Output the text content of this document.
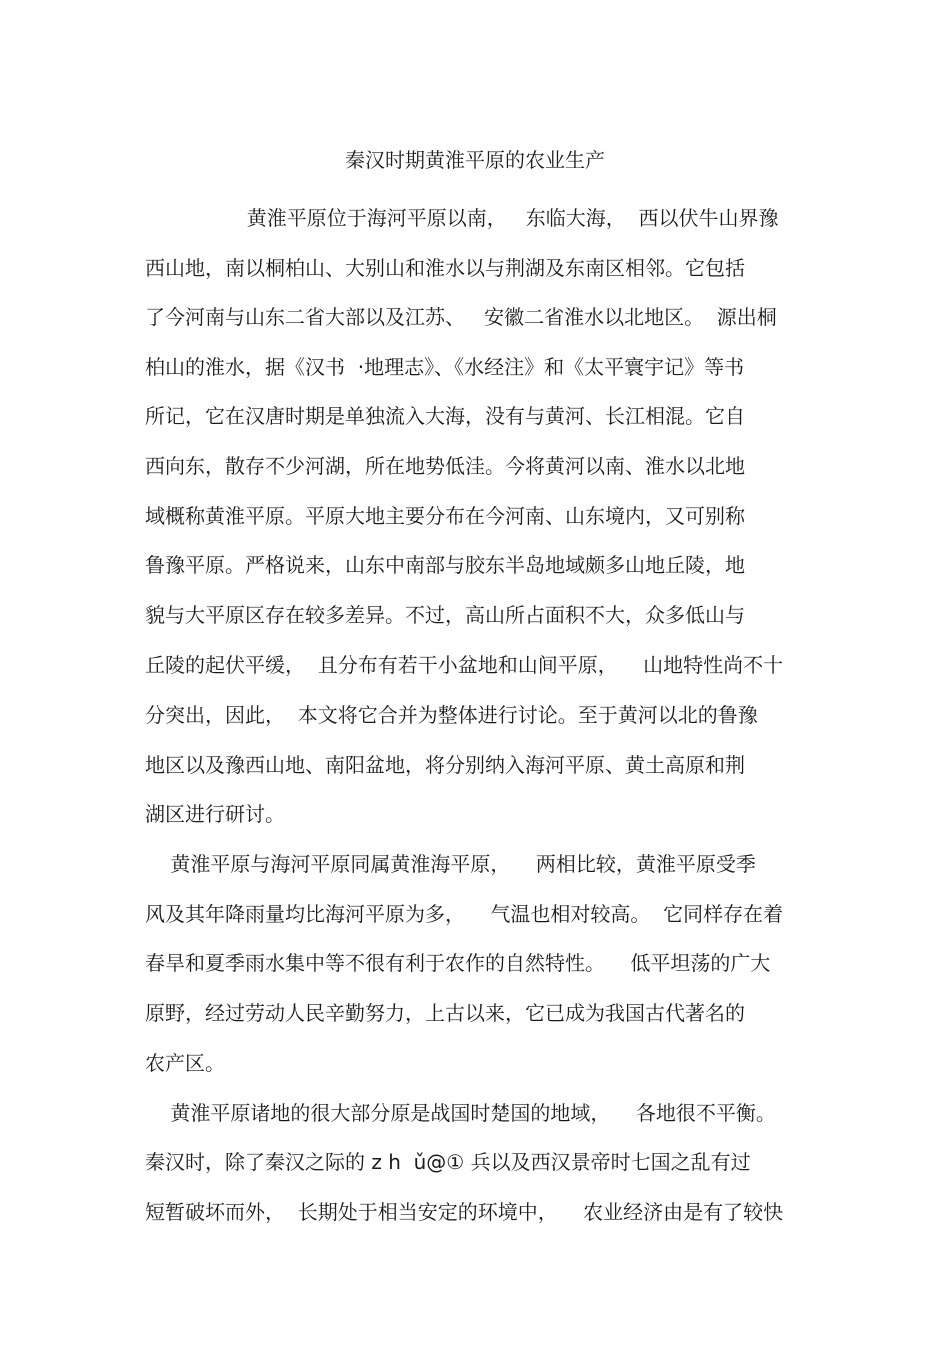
秦汉时期黄淮平原的农业生产
黄淮平原位于海河平原以南，   东临大海，  西以伏牛山界豫
西山地，南以桐柏山、大别山和淮水以与荆湖及东南区相邻。它包括
了今河南与山东二省大部以及江苏、   安徽二省淮水以北地区。  源出桐
柏山的淮水，据《汉书  ·地理志》、《水经注》和《太平寰宇记》等书
所记，它在汉唐时期是单独流入大海，没有与黄河、长江相混。它自
西向东，散存不少河湖，所在地势低洼。今将黄河以南、淮水以北地
域概称黄淮平原。平原大地主要分布在今河南、山东境内，又可别称
鲁豫平原。严格说来，山东中南部与胶东半岛地域颇多山地丘陵，地
貌与大平原区存在较多差异。不过，高山所占面积不大，众多低山与
丘陵的起伏平缓，  且分布有若干小盆地和山间平原，    山地特性尚不十
分突出，因此，  本文将它合并为整体进行讨论。至于黄河以北的鲁豫
地区以及豫西山地、南阳盆地，将分别纳入海河平原、黄土高原和荆
湖区进行研讨。
黄淮平原与海河平原同属黄淮海平原，    两相比较，黄淮平原受季
风及其年降雨量均比海河平原为多，    气温也相对较高。  它同样存在着
春旱和夏季雨水集中等不很有利于农作的自然特性。    低平坦荡的广大
原野，经过劳动人民辛勤努力，上古以来，它已成为我国古代著名的
农产区。
黄淮平原诸地的很大部分原是战国时楚国的地域，    各地很不平衡。
秦汉时，除了秦汉之际的 z h  ǔ@① 兵以及西汉景帝时七国之乱有过
短暂破坏而外，  长期处于相当安定的环境中，    农业经济由是有了较快
